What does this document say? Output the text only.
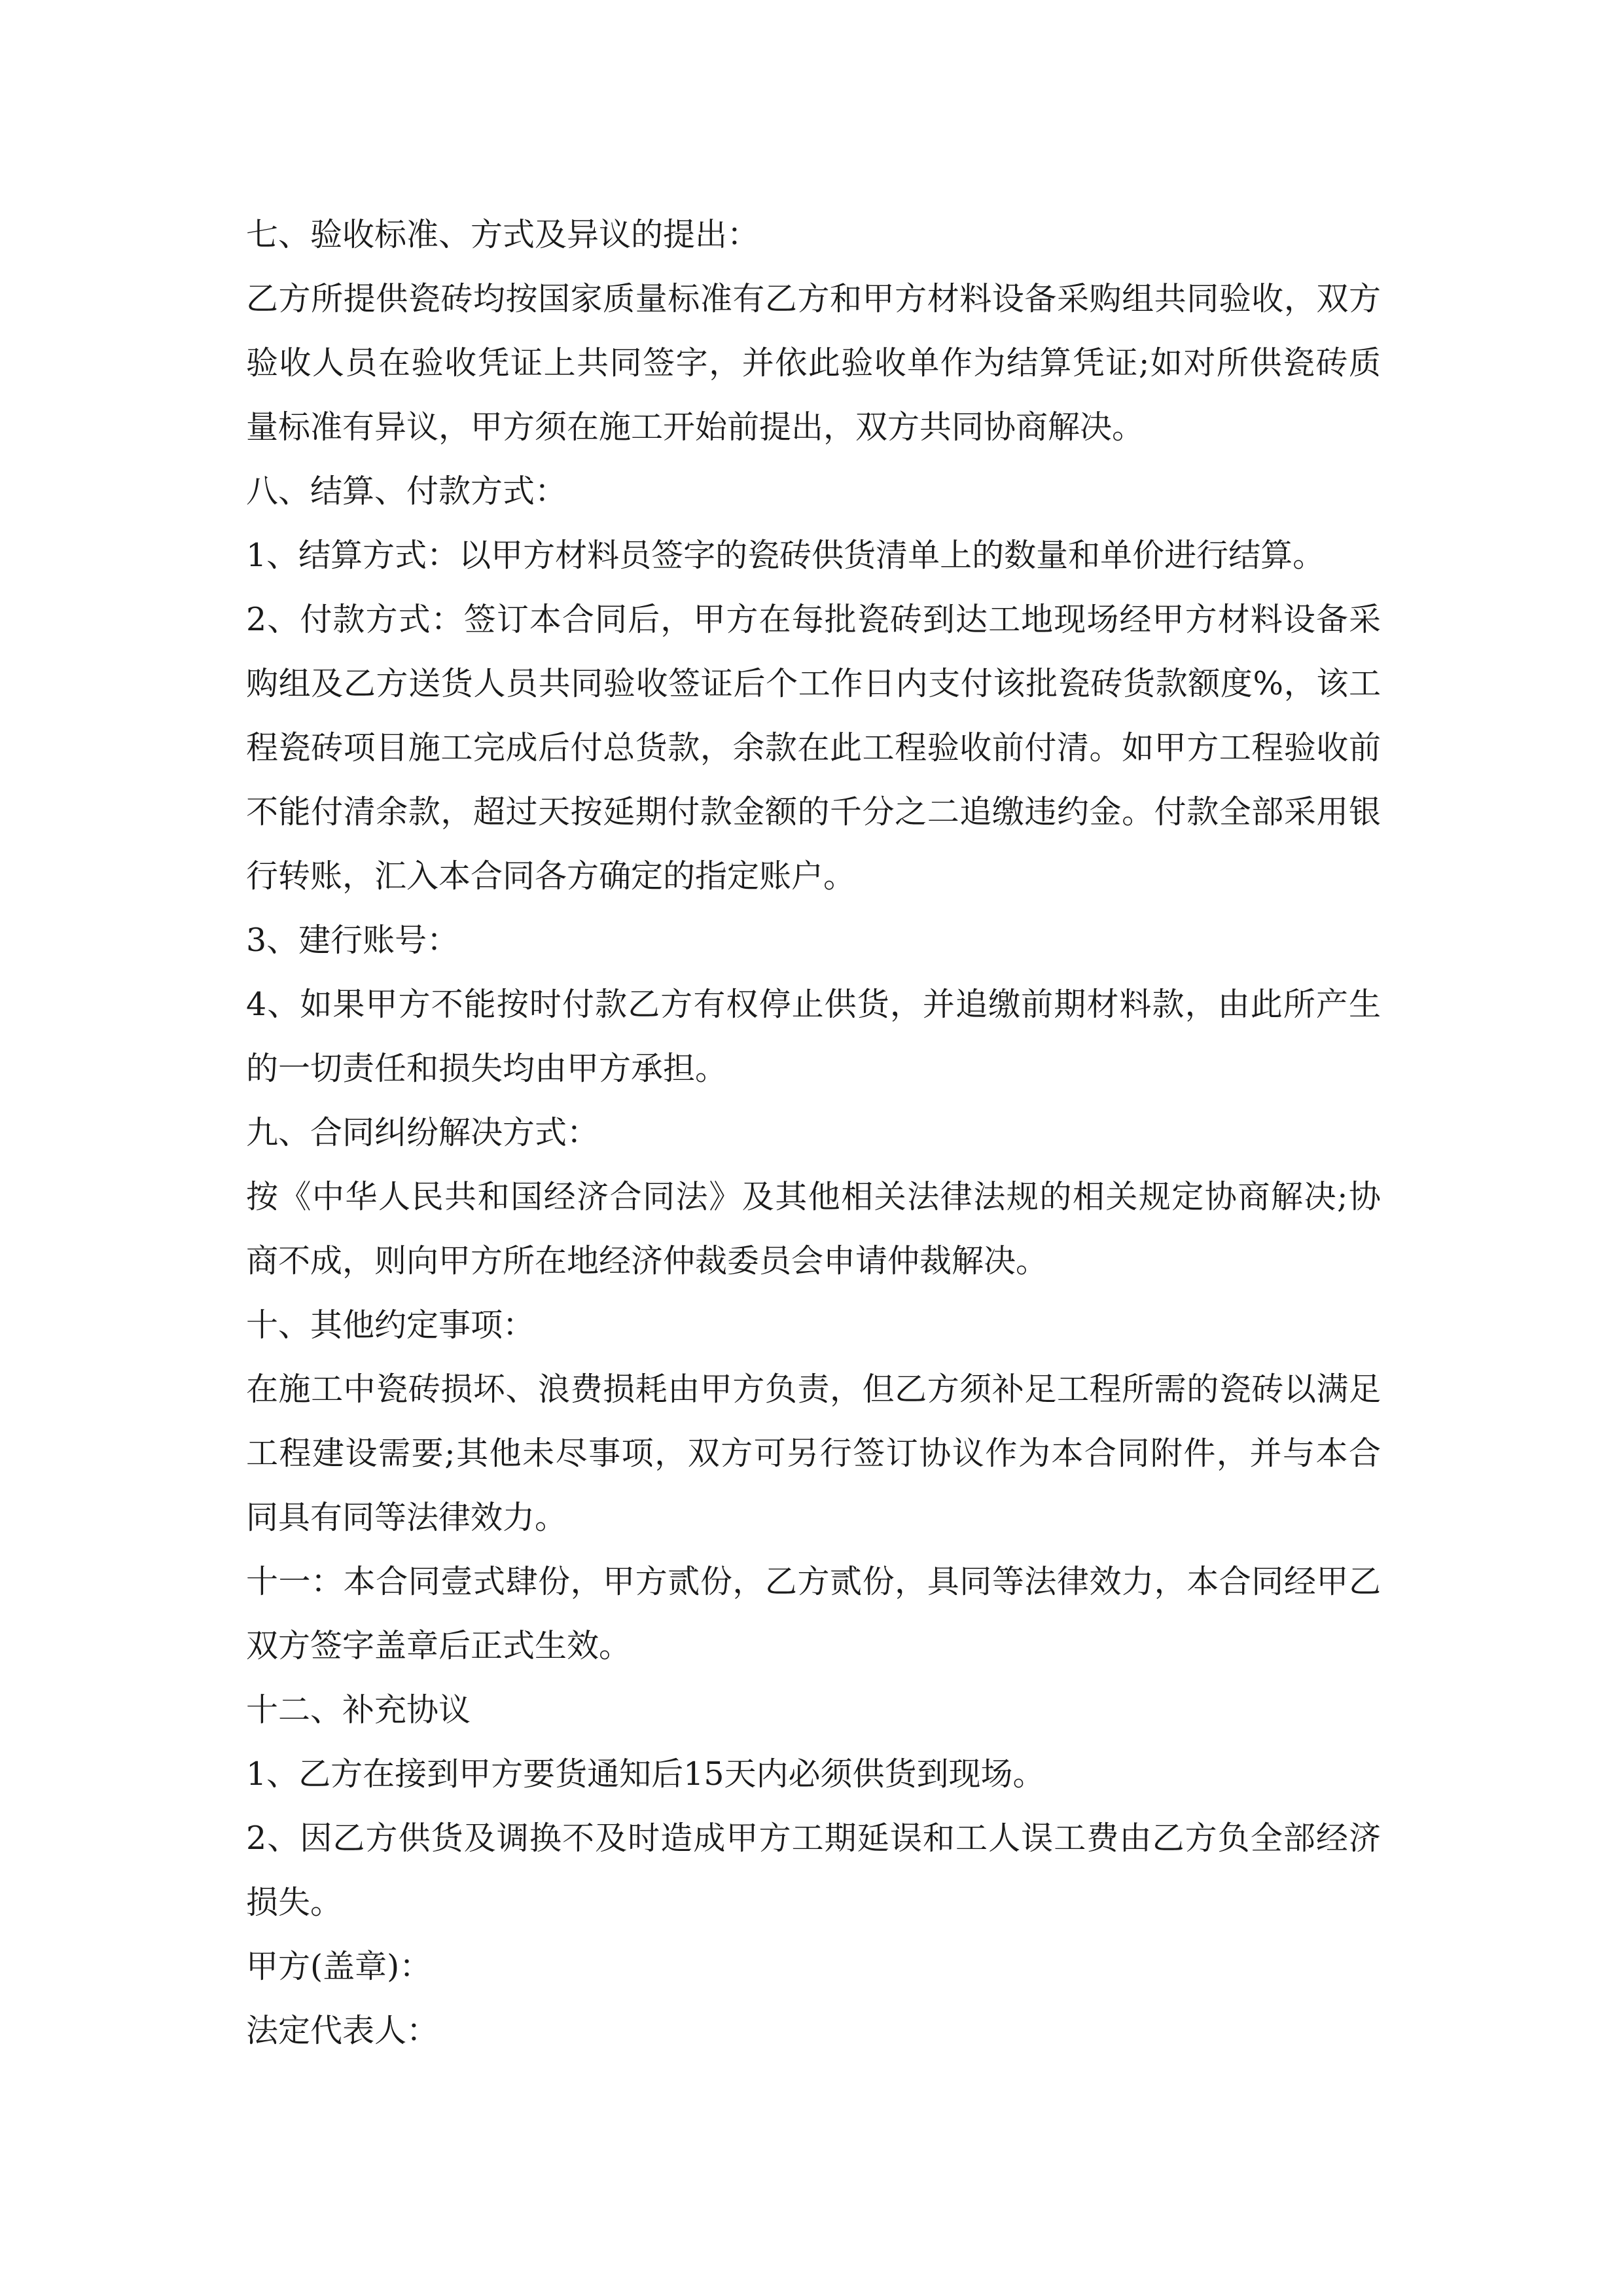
七、验收标准、方式及异议的提出：
乙方所提供瓷砖均按国家质量标准有乙方和甲方材料设备采购组共同验收，双方
验收人员在验收凭证上共同签字，并依此验收单作为结算凭证;如对所供瓷砖质
量标准有异议，甲方须在施工开始前提出，双方共同协商解决。
八、结算、付款方式：
1、结算方式：以甲方材料员签字的瓷砖供货清单上的数量和单价进行结算。
2、付款方式：签订本合同后，甲方在每批瓷砖到达工地现场经甲方材料设备采
购组及乙方送货人员共同验收签证后个工作日内支付该批瓷砖货款额度%，该工
程瓷砖项目施工完成后付总货款，余款在此工程验收前付清。如甲方工程验收前
不能付清余款，超过天按延期付款金额的千分之二追缴违约金。付款全部采用银
行转账，汇入本合同各方确定的指定账户。
3、建行账号：
4、如果甲方不能按时付款乙方有权停止供货，并追缴前期材料款，由此所产生
的一切责任和损失均由甲方承担。
九、合同纠纷解决方式：
按《中华人民共和国经济合同法》及其他相关法律法规的相关规定协商解决;协
商不成，则向甲方所在地经济仲裁委员会申请仲裁解决。
十、其他约定事项：
在施工中瓷砖损坏、浪费损耗由甲方负责，但乙方须补足工程所需的瓷砖以满足
工程建设需要;其他未尽事项，双方可另行签订协议作为本合同附件，并与本合
同具有同等法律效力。
十一：本合同壹式肆份，甲方贰份，乙方贰份，具同等法律效力，本合同经甲乙
双方签字盖章后正式生效。
十二、补充协议
1、乙方在接到甲方要货通知后15天内必须供货到现场。
2、因乙方供货及调换不及时造成甲方工期延误和工人误工费由乙方负全部经济
损失。
甲方(盖章)：
法定代表人：
